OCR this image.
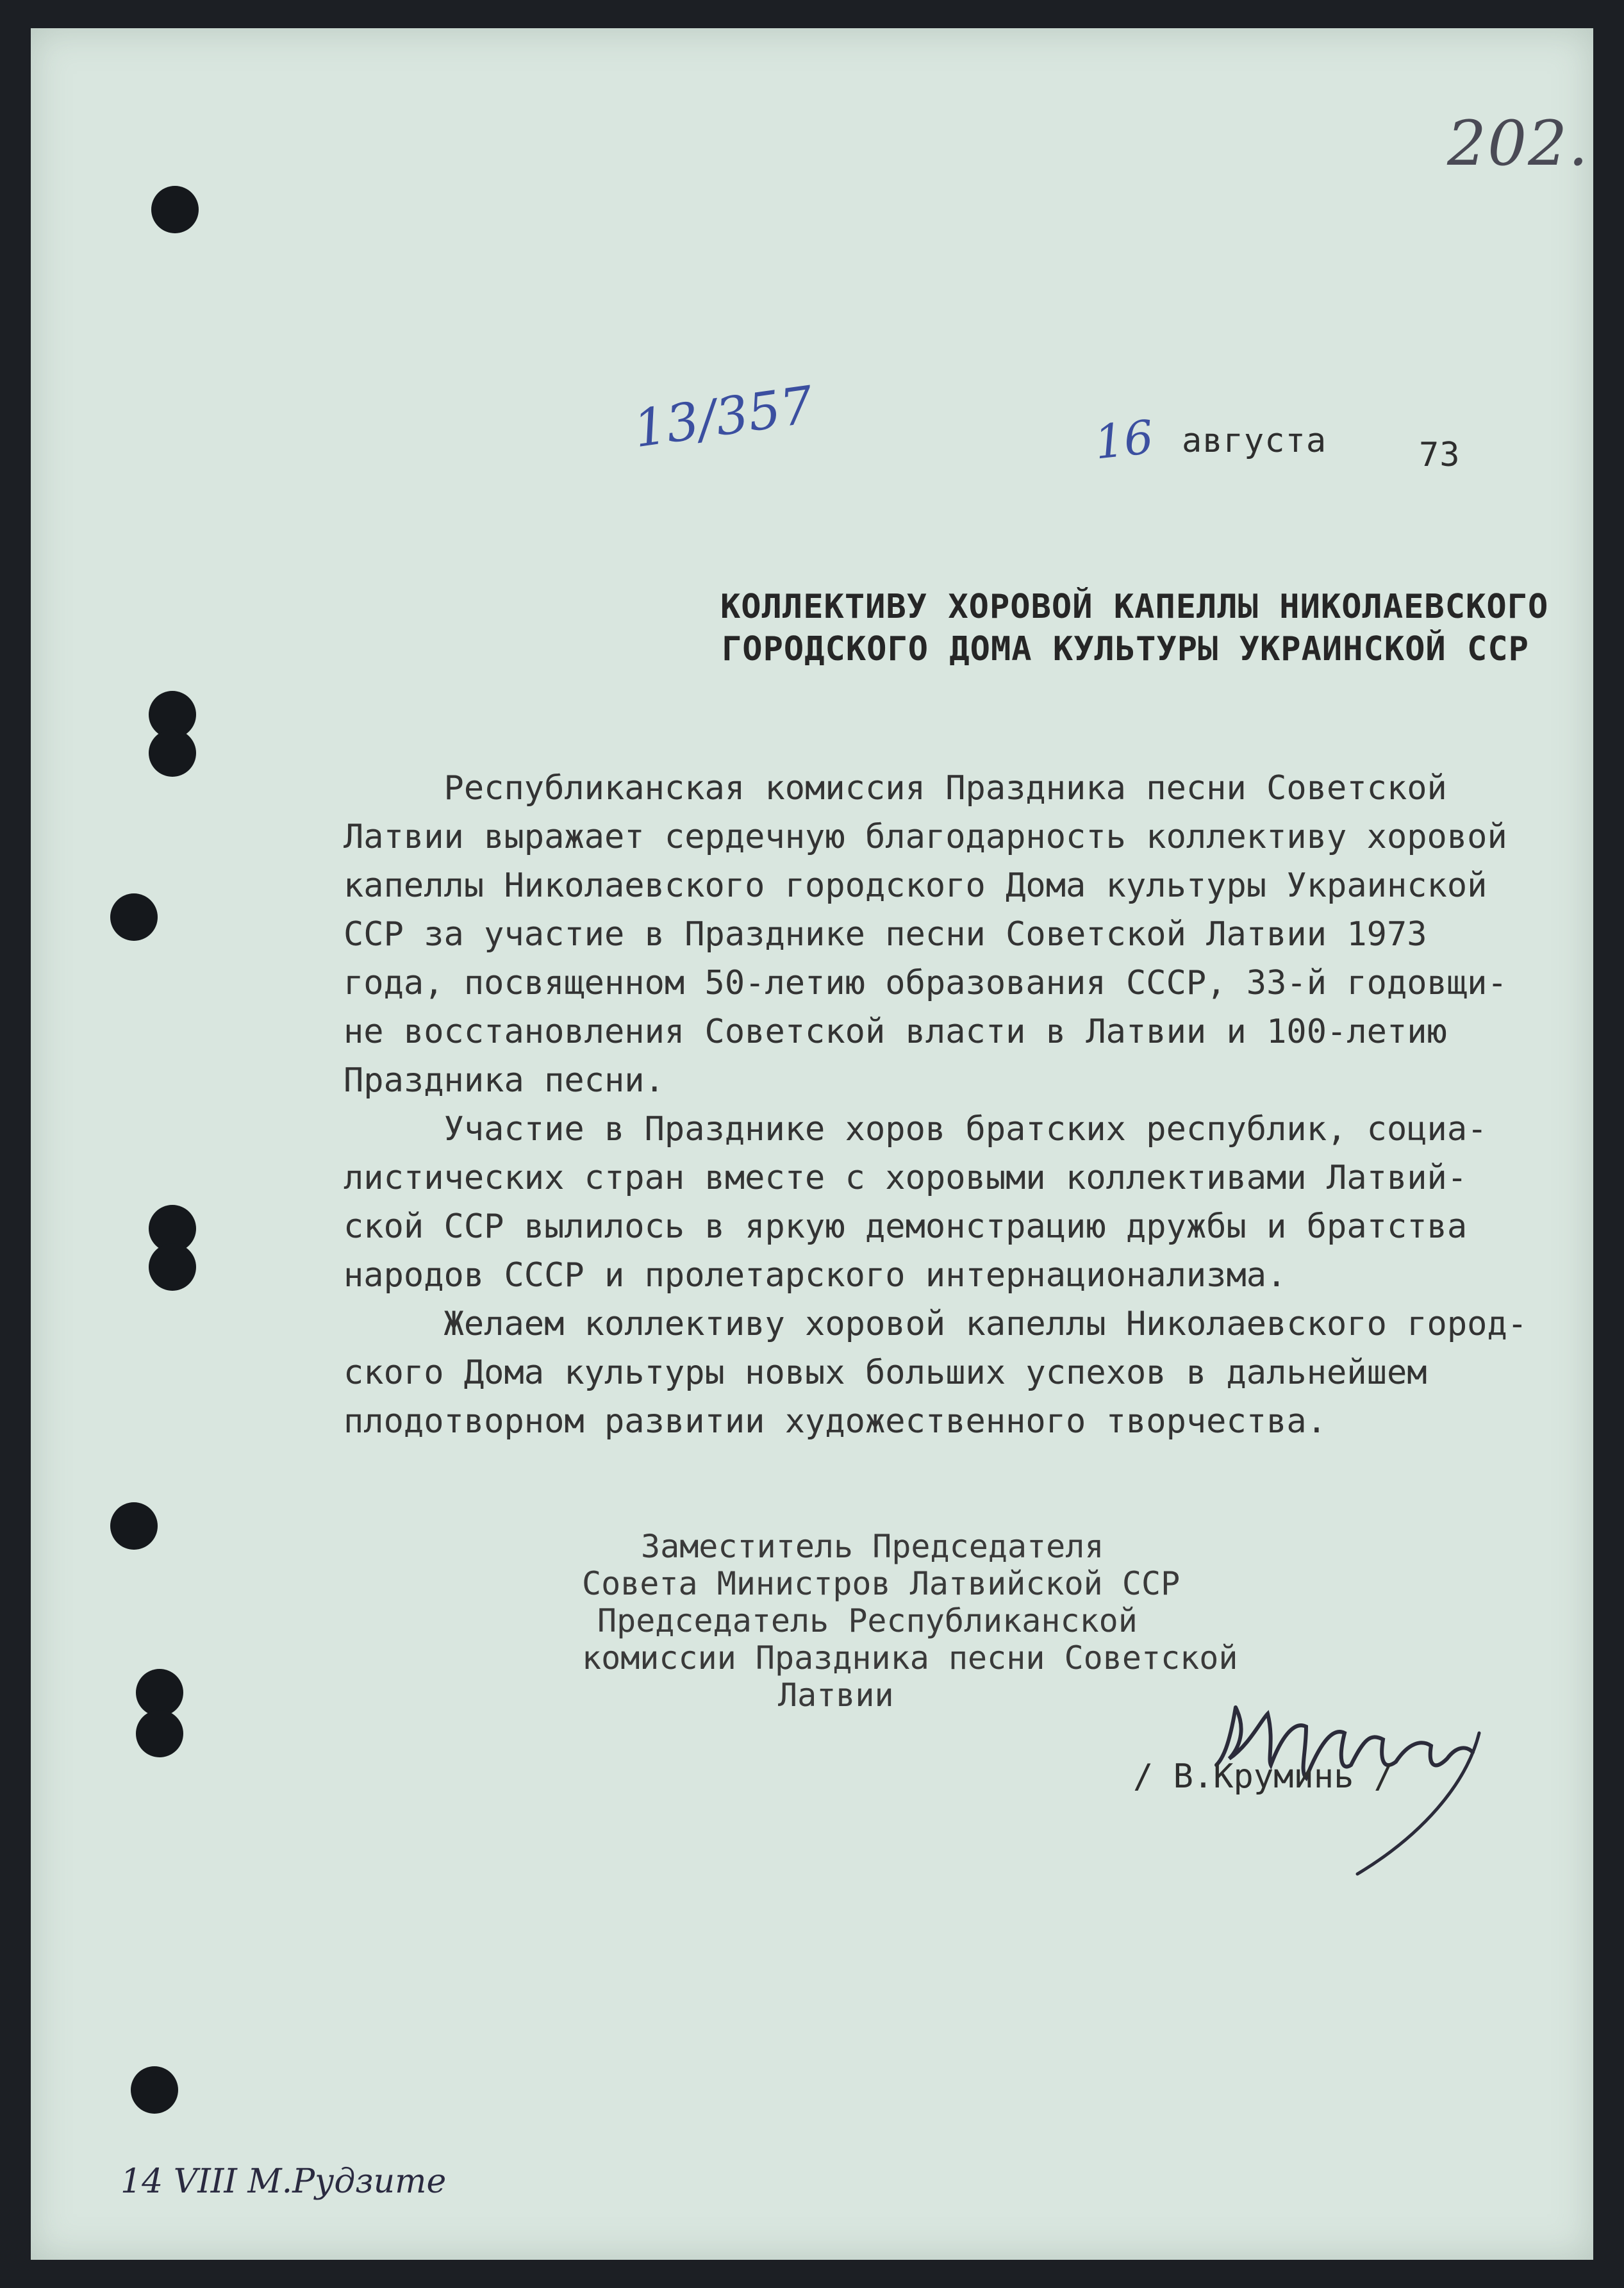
202.
13/357	16 августа	73
КОЛЛЕКТИВУ ХОРОВОЙ КАПЕЛЛЫ НИКОЛАЕВСКОГО
ГОРОДСКОГО ДОМА КУЛЬТУРЫ УКРАИНСКОЙ ССР
Республиканская комиссия Праздника песни Советской
Латвии выражает сердечную благодарность коллективу хоровой
капеллы Николаевского городского Дома культуры Украинской
ССР за участие в Празднике песни Советской Латвии 1973
года, посвященном 50-летию образования СССР, 33-й годовщи-
не восстановления Советской власти в Латвии и 100-летию
Праздника песни.
Участие в Празднике хоров братских республик, социа-
листических стран вместе с хоровыми коллективами Латвий-
ской ССР вылилось в яркую демонстрацию дружбы и братства
народов СССР и пролетарского интернационализма.
Желаем коллективу хоровой капеллы Николаевского город-
ского Дома культуры новых больших успехов в дальнейшем
плодотворном развитии художественного творчества.
Заместитель Председателя
Совета Министров Латвийской ССР
Председатель Республиканской
комиссии Праздника песни Советской
Латвии
/ В.Круминь /
14 VIII М.Рудзите
